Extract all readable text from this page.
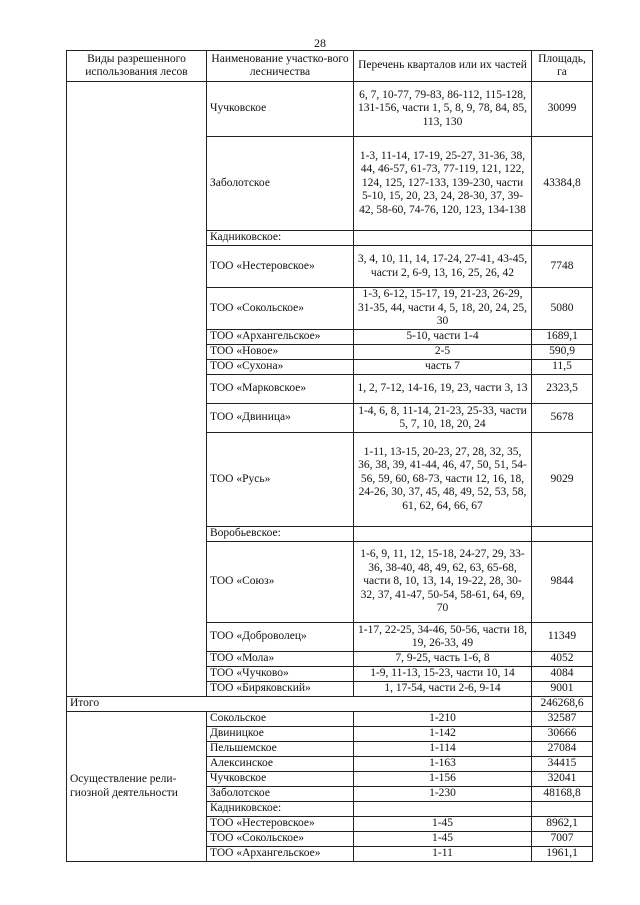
28
Виды разрешенного использования лесов	Наименование участко-вого лесничества	Перечень кварталов или их частей	Площадь, га
	Чучковское	6, 7, 10-77, 79-83, 86-112, 115-128, 131-156, части 1, 5, 8, 9, 78, 84, 85, 113, 130	30099
	Заболотское	1-3, 11-14, 17-19, 25-27, 31-36, 38, 44, 46-57, 61-73, 77-119, 121, 122, 124, 125, 127-133, 139-230, части 5-10, 15, 20, 23, 24, 28-30, 37, 39-42, 58-60, 74-76, 120, 123, 134-138	43384,8
	Кадниковское:		
	ТОО «Нестеровское»	3, 4, 10, 11, 14, 17-24, 27-41, 43-45, части 2, 6-9, 13, 16, 25, 26, 42	7748
	ТОО «Сокольское»	1-3, 6-12, 15-17, 19, 21-23, 26-29, 31-35, 44, части 4, 5, 18, 20, 24, 25, 30	5080
	ТОО «Архангельское»	5-10, части 1-4	1689,1
	ТОО «Новое»	2-5	590,9
	ТОО «Сухона»	часть 7	11,5
	ТОО «Марковское»	1, 2, 7-12, 14-16, 19, 23, части 3, 13	2323,5
	ТОО «Двиница»	1-4, 6, 8, 11-14, 21-23, 25-33, части 5, 7, 10, 18, 20, 24	5678
	ТОО «Русь»	1-11, 13-15, 20-23, 27, 28, 32, 35, 36, 38, 39, 41-44, 46, 47, 50, 51, 54-56, 59, 60, 68-73, части 12, 16, 18, 24-26, 30, 37, 45, 48, 49, 52, 53, 58, 61, 62, 64, 66, 67	9029
	Воробьевское:		
	ТОО «Союз»	1-6, 9, 11, 12, 15-18, 24-27, 29, 33-36, 38-40, 48, 49, 62, 63, 65-68, части 8, 10, 13, 14, 19-22, 28, 30-32, 37, 41-47, 50-54, 58-61, 64, 69, 70	9844
	ТОО «Доброволец»	1-17, 22-25, 34-46, 50-56, части 18, 19, 26-33, 49	11349
	ТОО «Мола»	7, 9-25, часть 1-6, 8	4052
	ТОО «Чучково»	1-9, 11-13, 15-23, части 10, 14	4084
	ТОО «Биряковский»	1, 17-54, части 2-6, 9-14	9001
Итого			246268,6
Осуществление рели-гиозной деятельности	Сокольское	1-210	32587
	Двиницкое	1-142	30666
	Пельшемское	1-114	27084
	Алексинское	1-163	34415
	Чучковское	1-156	32041
	Заболотское	1-230	48168,8
	Кадниковское:		
	ТОО «Нестеровское»	1-45	8962,1
	ТОО «Сокольское»	1-45	7007
	ТОО «Архангельское»	1-11	1961,1
